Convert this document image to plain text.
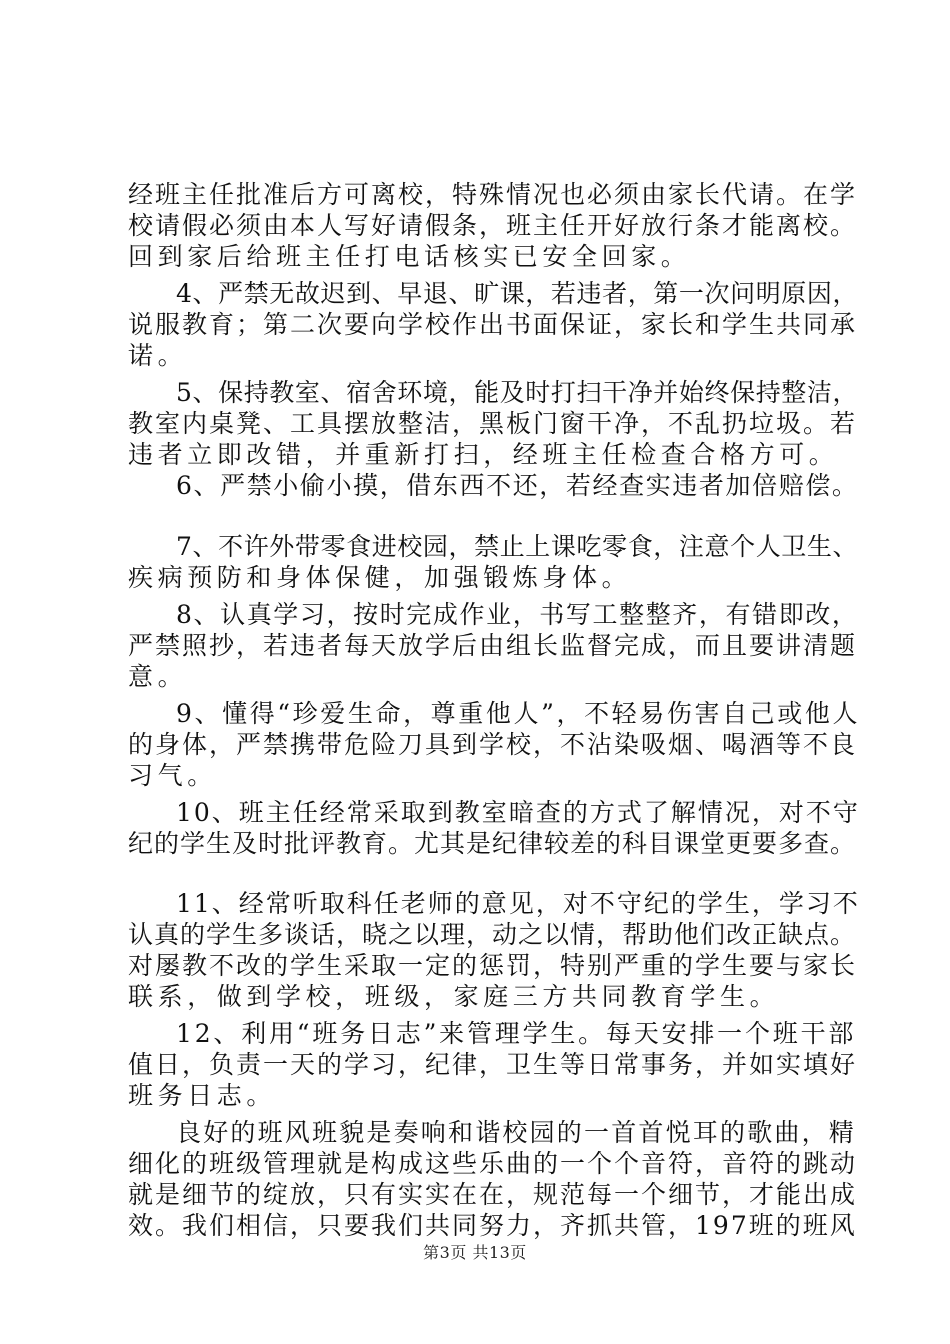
经班主任批准后方可离校，特殊情况也必须由家长代请。在学
校请假必须由本人写好请假条，班主任开好放行条才能离校。
回到家后给班主任打电话核实已安全回家。
4、严禁无故迟到、早退、旷课，若违者，第一次问明原因，
说服教育；第二次要向学校作出书面保证，家长和学生共同承
诺。
5、保持教室、宿舍环境，能及时打扫干净并始终保持整洁，
教室内桌凳、工具摆放整洁，黑板门窗干净，不乱扔垃圾。若
违者立即改错，并重新打扫，经班主任检查合格方可。
6、严禁小偷小摸，借东西不还，若经查实违者加倍赔偿。
7、不许外带零食进校园，禁止上课吃零食，注意个人卫生、
疾病预防和身体保健，加强锻炼身体。
8、认真学习，按时完成作业，书写工整整齐，有错即改，
严禁照抄，若违者每天放学后由组长监督完成，而且要讲清题
意。
9、懂得“珍爱生命，尊重他人”，不轻易伤害自己或他人
的身体，严禁携带危险刀具到学校，不沾染吸烟、喝酒等不良
习气。
10、班主任经常采取到教室暗查的方式了解情况，对不守
纪的学生及时批评教育。尤其是纪律较差的科目课堂更要多查。
11、经常听取科任老师的意见，对不守纪的学生，学习不
认真的学生多谈话，晓之以理，动之以情，帮助他们改正缺点。
对屡教不改的学生采取一定的惩罚，特别严重的学生要与家长
联系，做到学校，班级，家庭三方共同教育学生。
12、利用“班务日志”来管理学生。每天安排一个班干部
值日，负责一天的学习，纪律，卫生等日常事务，并如实填好
班务日志。
良好的班风班貌是奏响和谐校园的一首首悦耳的歌曲，精
细化的班级管理就是构成这些乐曲的一个个音符，音符的跳动
就是细节的绽放，只有实实在在，规范每一个细节，才能出成
效。我们相信，只要我们共同努力，齐抓共管，197班的班风
第3页 共13页
